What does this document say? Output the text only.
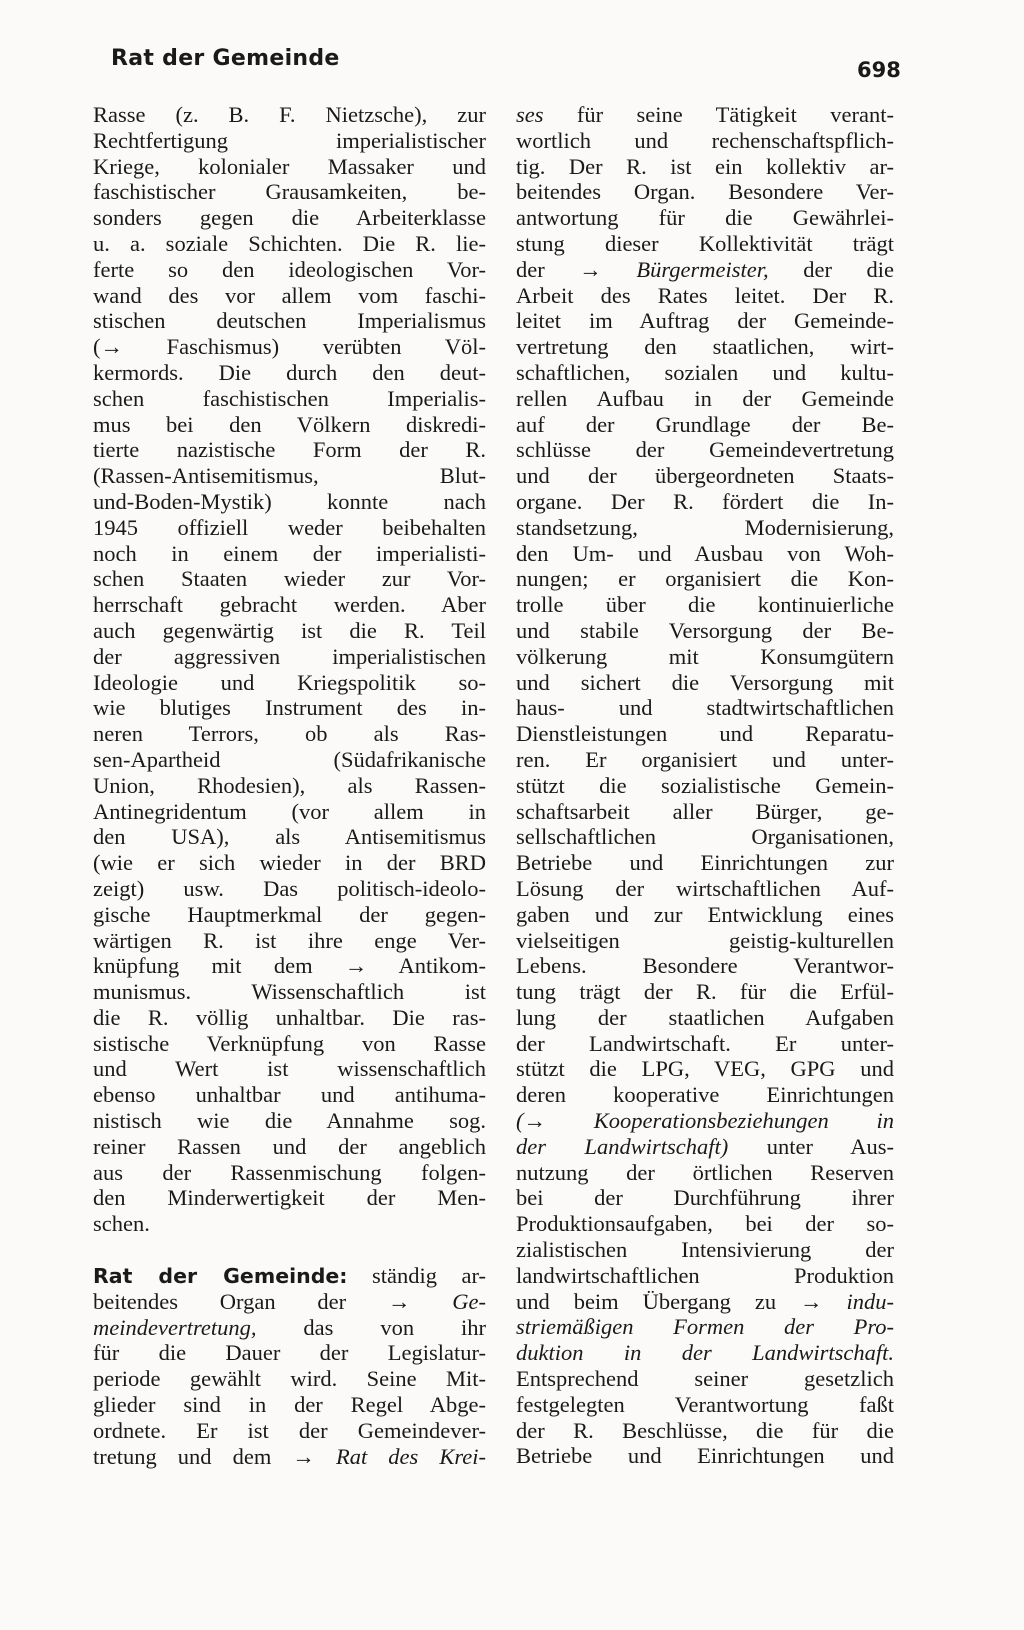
Rat der Gemeinde	698
Rasse (z. B. F. Nietzsche), zur
Rechtfertigung imperialistischer
Kriege, kolonialer Massaker und
faschistischer Grausamkeiten, be-
sonders gegen die Arbeiterklasse
u. a. soziale Schichten. Die R. lie-
ferte so den ideologischen Vor-
wand des vor allem vom faschi-
stischen deutschen Imperialismus
(→ Faschismus) verübten Völ-
kermords. Die durch den deut-
schen faschistischen Imperialis-
mus bei den Völkern diskredi-
tierte nazistische Form der R.
(Rassen-Antisemitismus, Blut-
und-Boden-Mystik) konnte nach
1945 offiziell weder beibehalten
noch in einem der imperialisti-
schen Staaten wieder zur Vor-
herrschaft gebracht werden. Aber
auch gegenwärtig ist die R. Teil
der aggressiven imperialistischen
Ideologie und Kriegspolitik so-
wie blutiges Instrument des in-
neren Terrors, ob als Ras-
sen-Apartheid (Südafrikanische
Union, Rhodesien), als Rassen-
Antinegridentum (vor allem in
den USA), als Antisemitismus
(wie er sich wieder in der BRD
zeigt) usw. Das politisch-ideolo-
gische Hauptmerkmal der gegen-
wärtigen R. ist ihre enge Ver-
knüpfung mit dem → Antikom-
munismus. Wissenschaftlich ist
die R. völlig unhaltbar. Die ras-
sistische Verknüpfung von Rasse
und Wert ist wissenschaftlich
ebenso unhaltbar und antihuma-
nistisch wie die Annahme sog.
reiner Rassen und der angeblich
aus der Rassenmischung folgen-
den Minderwertigkeit der Men-
schen.
Rat der Gemeinde: ständig ar-
beitendes Organ der → Ge-
meindevertretung, das von ihr
für die Dauer der Legislatur-
periode gewählt wird. Seine Mit-
glieder sind in der Regel Abge-
ordnete. Er ist der Gemeindever-
tretung und dem → Rat des Krei-
ses für seine Tätigkeit verant-
wortlich und rechenschaftspflich-
tig. Der R. ist ein kollektiv ar-
beitendes Organ. Besondere Ver-
antwortung für die Gewährlei-
stung dieser Kollektivität trägt
der → Bürgermeister, der die
Arbeit des Rates leitet. Der R.
leitet im Auftrag der Gemeinde-
vertretung den staatlichen, wirt-
schaftlichen, sozialen und kultu-
rellen Aufbau in der Gemeinde
auf der Grundlage der Be-
schlüsse der Gemeindevertretung
und der übergeordneten Staats-
organe. Der R. fördert die In-
standsetzung, Modernisierung,
den Um- und Ausbau von Woh-
nungen; er organisiert die Kon-
trolle über die kontinuierliche
und stabile Versorgung der Be-
völkerung mit Konsumgütern
und sichert die Versorgung mit
haus- und stadtwirtschaftlichen
Dienstleistungen und Reparatu-
ren. Er organisiert und unter-
stützt die sozialistische Gemein-
schaftsarbeit aller Bürger, ge-
sellschaftlichen Organisationen,
Betriebe und Einrichtungen zur
Lösung der wirtschaftlichen Auf-
gaben und zur Entwicklung eines
vielseitigen geistig-kulturellen
Lebens. Besondere Verantwor-
tung trägt der R. für die Erfül-
lung der staatlichen Aufgaben
der Landwirtschaft. Er unter-
stützt die LPG, VEG, GPG und
deren kooperative Einrichtungen
(→ Kooperationsbeziehungen in
der Landwirtschaft) unter Aus-
nutzung der örtlichen Reserven
bei der Durchführung ihrer
Produktionsaufgaben, bei der so-
zialistischen Intensivierung der
landwirtschaftlichen Produktion
und beim Übergang zu → indu-
striemäßigen Formen der Pro-
duktion in der Landwirtschaft.
Entsprechend seiner gesetzlich
festgelegten Verantwortung faßt
der R. Beschlüsse, die für die
Betriebe und Einrichtungen und
